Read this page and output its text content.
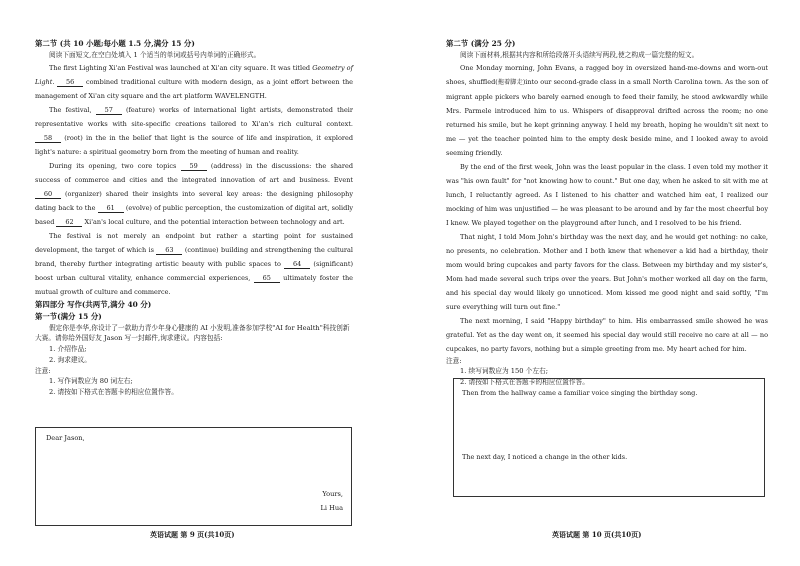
第二节 (共 10 小题;每小题 1.5 分,满分 15 分)

阅读下面短文,在空白处填入 1 个适当的单词或括号内单词的正确形式。

The first Lighting Xi'an Festival was launched at Xi'an city square. It was titled Geometry of Light. 56 combined traditional culture with modern design, as a joint effort between the management of Xi'an city square and the art platform WAVELENGTH.

The festival, 57 (feature) works of international light artists, demonstrated their representative works with site-specific creations tailored to Xi'an's rich cultural context. 58 (root) in the in the belief that light is the source of life and inspiration, it explored light's nature: a spiritual geometry born from the meeting of human and reality.

During its opening, two core topics 59 (address) in the discussions: the shared success of commerce and cities and the integrated innovation of art and business. Event 60 (organizer) shared their insights into several key areas: the designing philosophy dating back to the 61 (evolve) of public perception, the customization of digital art, solidly based 62 Xi'an's local culture, and the potential interaction between technology and art.

The festival is not merely an endpoint but rather a starting point for sustained development, the target of which is 63 (continue) building and strengthening the cultural brand, thereby further integrating artistic beauty with public spaces to 64 (significant) boost urban cultural vitality, enhance commercial experiences, 65 ultimately foster the mutual growth of culture and commerce.

第四部分 写作(共两节,满分 40 分)
第一节(满分 15 分)

假定你是李华,你设计了一款助力青少年身心健康的 AI 小发明,准备参加学校"AI for Health"科技创新大赛。请你给外国好友 Jason 写一封邮件,询求建议。内容包括:

1. 介绍作品;

2. 询求建议。

注意:

1. 写作词数应为 80 词左右;

2. 请按如下格式在答题卡的相应位置作答。

Dear Jason,
Yours,
Li Hua
英语试题 第 9 页(共10页)
第二节 (满分 25 分)

阅读下面材料,根据其内容和所给段落开头语续写两段,使之构成一篇完整的短文。

One Monday morning, John Evans, a ragged boy in oversized hand-me-downs and worn-out shoes, shuffled(拖着脚走)into our second-grade class in a small North Carolina town. As the son of migrant apple pickers who barely earned enough to feed their family, he stood awkwardly while Mrs. Parmele introduced him to us. Whispers of disapproval drifted across the room; no one returned his smile, but he kept grinning anyway. I held my breath, hoping he wouldn't sit next to me — yet the teacher pointed him to the empty desk beside mine, and I looked away to avoid seeming friendly.

By the end of the first week, John was the least popular in the class. I even told my mother it was "his own fault" for "not knowing how to count." But one day, when he asked to sit with me at lunch, I reluctantly agreed. As I listened to his chatter and watched him eat, I realized our mocking of him was unjustified — he was pleasant to be around and by far the most cheerful boy I knew. We played together on the playground after lunch, and I resolved to be his friend.

That night, I told Mom John's birthday was the next day, and he would get nothing: no cake, no presents, no celebration. Mother and I both knew that whenever a kid had a birthday, their mom would bring cupcakes and party favors for the class. Between my birthday and my sister's, Mom had made several such trips over the years. But John's mother worked all day on the farm, and his special day would likely go unnoticed. Mom kissed me good night and said softly, "I'm sure everything will turn out fine."

The next morning, I said "Happy birthday" to him. His embarrassed smile showed he was grateful. Yet as the day went on, it seemed his special day would still receive no care at all — no cupcakes, no party favors, nothing but a simple greeting from me. My heart ached for him.

注意:

1. 续写词数应为 150 个左右;

2. 请按如下格式在答题卡的相应位置作答。

Then from the hallway came a familiar voice singing the birthday song.
The next day, I noticed a change in the other kids.
英语试题 第 10 页(共10页)
